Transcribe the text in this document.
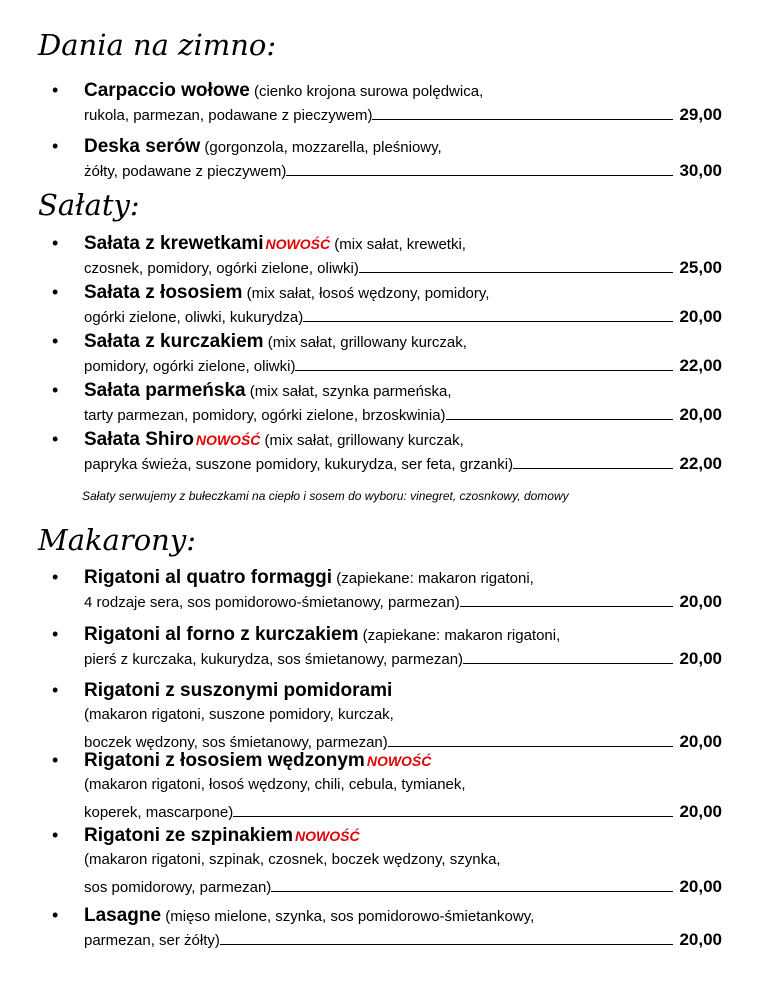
Dania na zimno:
• Carpaccio wołowe (cienko krojona surowa polędwica,
rukola, parmezan, podawane z pieczywem)	29,00
• Deska serów (gorgonzola, mozzarella, pleśniowy,
żółty, podawane z pieczywem)	30,00
Sałaty:
• Sałata z krewetkami NOWOŚĆ (mix sałat, krewetki,
czosnek, pomidory, ogórki zielone, oliwki)	25,00
• Sałata z łososiem (mix sałat, łosoś wędzony, pomidory,
ogórki zielone, oliwki, kukurydza)	20,00
• Sałata z kurczakiem (mix sałat, grillowany kurczak,
pomidory, ogórki zielone, oliwki)	22,00
• Sałata parmeńska (mix sałat, szynka parmeńska,
tarty parmezan, pomidory, ogórki zielone, brzoskwinia)	20,00
• Sałata Shiro NOWOŚĆ (mix sałat, grillowany kurczak,
papryka świeża, suszone pomidory, kukurydza, ser feta, grzanki)	22,00
Sałaty serwujemy z bułeczkami na ciepło i sosem do wyboru: vinegret, czosnkowy, domowy
Makarony:
• Rigatoni al quatro formaggi (zapiekane: makaron rigatoni,
4 rodzaje sera, sos pomidorowo-śmietanowy, parmezan)	20,00
• Rigatoni al forno z kurczakiem (zapiekane: makaron rigatoni,
pierś z kurczaka, kukurydza, sos śmietanowy, parmezan)	20,00
• Rigatoni z suszonymi pomidorami
(makaron rigatoni, suszone pomidory, kurczak,
boczek wędzony, sos śmietanowy, parmezan)	20,00
• Rigatoni z łososiem wędzonym NOWOŚĆ
(makaron rigatoni, łosoś wędzony, chili, cebula, tymianek,
koperek, mascarpone)	20,00
• Rigatoni ze szpinakiem NOWOŚĆ
(makaron rigatoni, szpinak, czosnek, boczek wędzony, szynka,
sos pomidorowy, parmezan)	20,00
• Lasagne (mięso mielone, szynka, sos pomidorowo-śmietankowy,
parmezan, ser żółty)	20,00
